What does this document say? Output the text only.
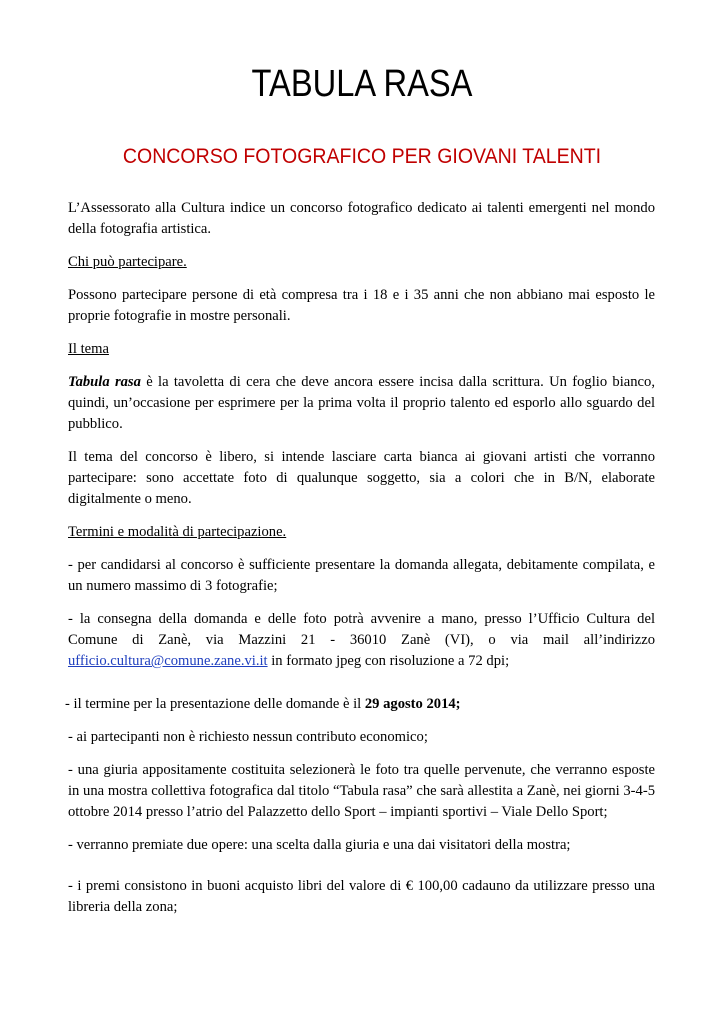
TABULA RASA
CONCORSO FOTOGRAFICO PER GIOVANI TALENTI

L’Assessorato alla Cultura indice un concorso fotografico dedicato ai talenti emergenti nel mondo della fotografia artistica.

Chi può partecipare.

Possono partecipare persone di età compresa tra i 18 e i 35 anni che non abbiano mai esposto le proprie fotografie in mostre personali.

Il tema

Tabula rasa è la tavoletta di cera che deve ancora essere incisa dalla scrittura. Un foglio bianco, quindi, un’occasione per esprimere per la prima volta il proprio talento ed esporlo allo sguardo del pubblico.

Il tema del concorso è libero, si intende lasciare carta bianca ai giovani artisti che vorranno partecipare: sono accettate foto di qualunque soggetto, sia a colori che in B/N, elaborate digitalmente o meno.

Termini e modalità di partecipazione.

- per candidarsi al concorso è sufficiente presentare la domanda allegata, debitamente compilata, e un numero massimo di 3 fotografie;

- la consegna della domanda e delle foto potrà avvenire a mano, presso l’Ufficio Cultura del Comune di Zanè, via Mazzini 21 - 36010 Zanè (VI), o via mail all’indirizzo ufficio.cultura@comune.zane.vi.it in formato jpeg con risoluzione a 72 dpi;

- il termine per la presentazione delle domande è il 29 agosto 2014;

- ai partecipanti non è richiesto nessun contributo economico;

- una giuria appositamente costituita selezionerà le foto tra quelle pervenute, che verranno esposte in una mostra collettiva fotografica dal titolo “Tabula rasa” che sarà allestita a Zanè, nei giorni 3-4-5 ottobre 2014 presso l’atrio del Palazzetto dello Sport – impianti sportivi – Viale Dello Sport;

- verranno premiate due opere: una scelta dalla giuria e una dai visitatori della mostra;

- i premi consistono in buoni acquisto libri del valore di € 100,00 cadauno da utilizzare presso una libreria della zona;
